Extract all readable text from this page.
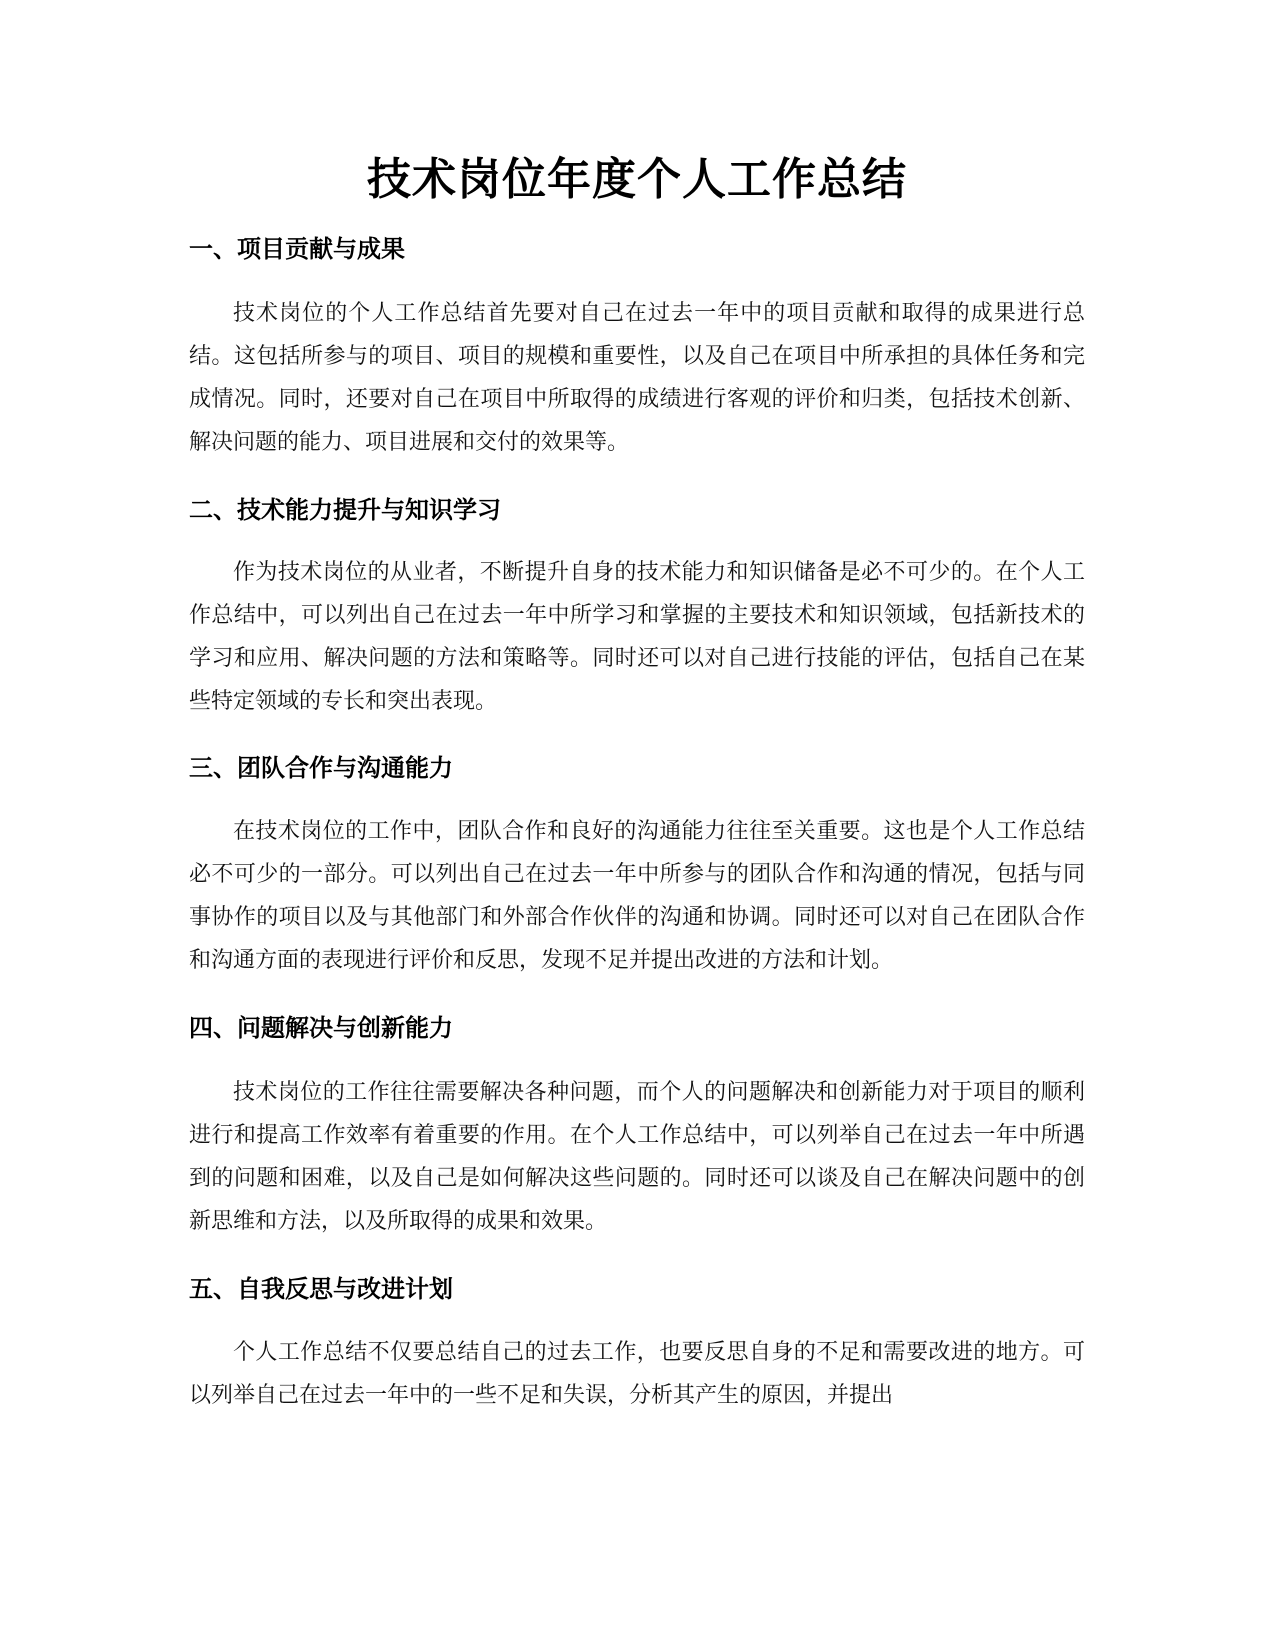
技术岗位年度个人工作总结
一、项目贡献与成果

技术岗位的个人工作总结首先要对自己在过去一年中的项目贡献和取得的成果进行总结。这包括所参与的项目、项目的规模和重要性，以及自己在项目中所承担的具体任务和完成情况。同时，还要对自己在项目中所取得的成绩进行客观的评价和归类，包括技术创新、解决问题的能力、项目进展和交付的效果等。

二、技术能力提升与知识学习

作为技术岗位的从业者，不断提升自身的技术能力和知识储备是必不可少的。在个人工作总结中，可以列出自己在过去一年中所学习和掌握的主要技术和知识领域，包括新技术的学习和应用、解决问题的方法和策略等。同时还可以对自己进行技能的评估，包括自己在某些特定领域的专长和突出表现。

三、团队合作与沟通能力

在技术岗位的工作中，团队合作和良好的沟通能力往往至关重要。这也是个人工作总结必不可少的一部分。可以列出自己在过去一年中所参与的团队合作和沟通的情况，包括与同事协作的项目以及与其他部门和外部合作伙伴的沟通和协调。同时还可以对自己在团队合作和沟通方面的表现进行评价和反思，发现不足并提出改进的方法和计划。

四、问题解决与创新能力

技术岗位的工作往往需要解决各种问题，而个人的问题解决和创新能力对于项目的顺利进行和提高工作效率有着重要的作用。在个人工作总结中，可以列举自己在过去一年中所遇到的问题和困难，以及自己是如何解决这些问题的。同时还可以谈及自己在解决问题中的创新思维和方法，以及所取得的成果和效果。

五、自我反思与改进计划

个人工作总结不仅要总结自己的过去工作，也要反思自身的不足和需要改进的地方。可以列举自己在过去一年中的一些不足和失误，分析其产生的原因，并提出
